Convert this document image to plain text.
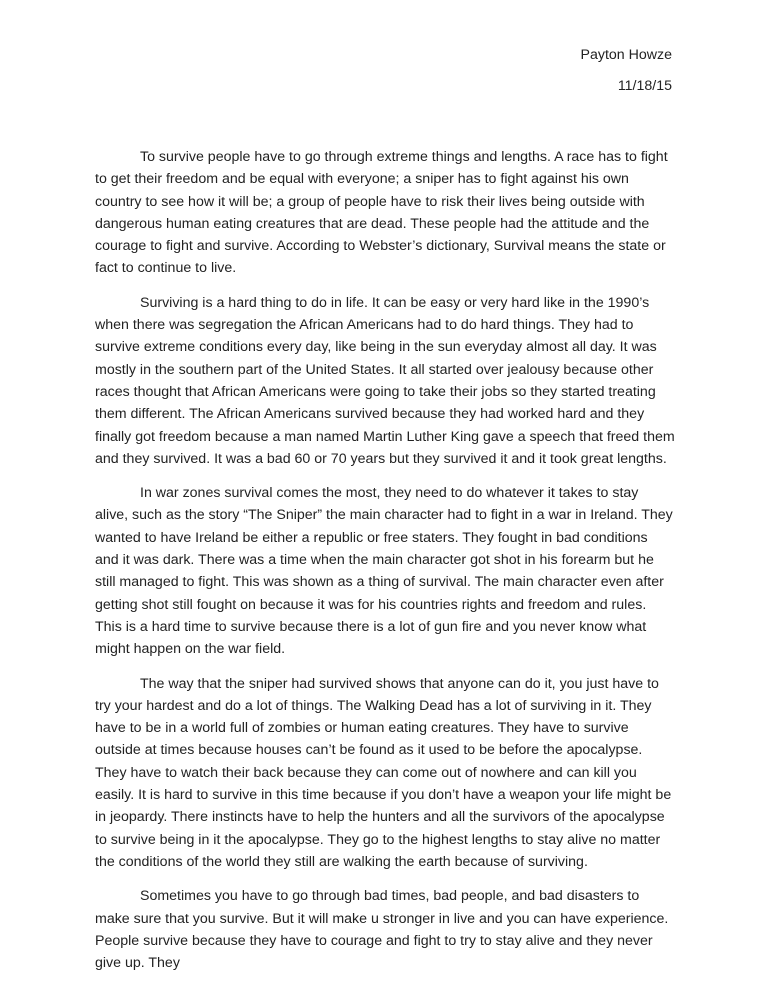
Payton Howze
11/18/15

To survive people have to go through extreme things and lengths. A race has to fight to get their freedom and be equal with everyone; a sniper has to fight against his own country to see how it will be; a group of people have to risk their lives being outside with dangerous human eating creatures that are dead. These people had the attitude and the courage to fight and survive. According to Webster’s dictionary, Survival means the state or fact to continue to live.

Surviving is a hard thing to do in life. It can be easy or very hard like in the 1990’s when there was segregation the African Americans had to do hard things. They had to survive extreme conditions every day, like being in the sun everyday almost all day. It was mostly in the southern part of the United States. It all started over jealousy because other races thought that African Americans were going to take their jobs so they started treating them different. The African Americans survived because they had worked hard and they finally got freedom because a man named Martin Luther King gave a speech that freed them and they survived. It was a bad 60 or 70 years but they survived it and it took great lengths.

In war zones survival comes the most, they need to do whatever it takes to stay alive, such as the story “The Sniper” the main character had to fight in a war in Ireland. They wanted to have Ireland be either a republic or free staters. They fought in bad conditions and it was dark. There was a time when the main character got shot in his forearm but he still managed to fight. This was shown as a thing of survival. The main character even after getting shot still fought on because it was for his countries rights and freedom and rules. This is a hard time to survive because there is a lot of gun fire and you never know what might happen on the war field.

The way that the sniper had survived shows that anyone can do it, you just have to try your hardest and do a lot of things. The Walking Dead has a lot of surviving in it. They have to be in a world full of zombies or human eating creatures. They have to survive outside at times because houses can’t be found as it used to be before the apocalypse. They have to watch their back because they can come out of nowhere and can kill you easily. It is hard to survive in this time because if you don’t have a weapon your life might be in jeopardy. There instincts have to help the hunters and all the survivors of the apocalypse to survive being in it the apocalypse. They go to the highest lengths to stay alive no matter the conditions of the world they still are walking the earth because of surviving.

Sometimes you have to go through bad times, bad people, and bad disasters to make sure that you survive. But it will make u stronger in live and you can have experience. People survive because they have to courage and fight to try to stay alive and they never give up. They
